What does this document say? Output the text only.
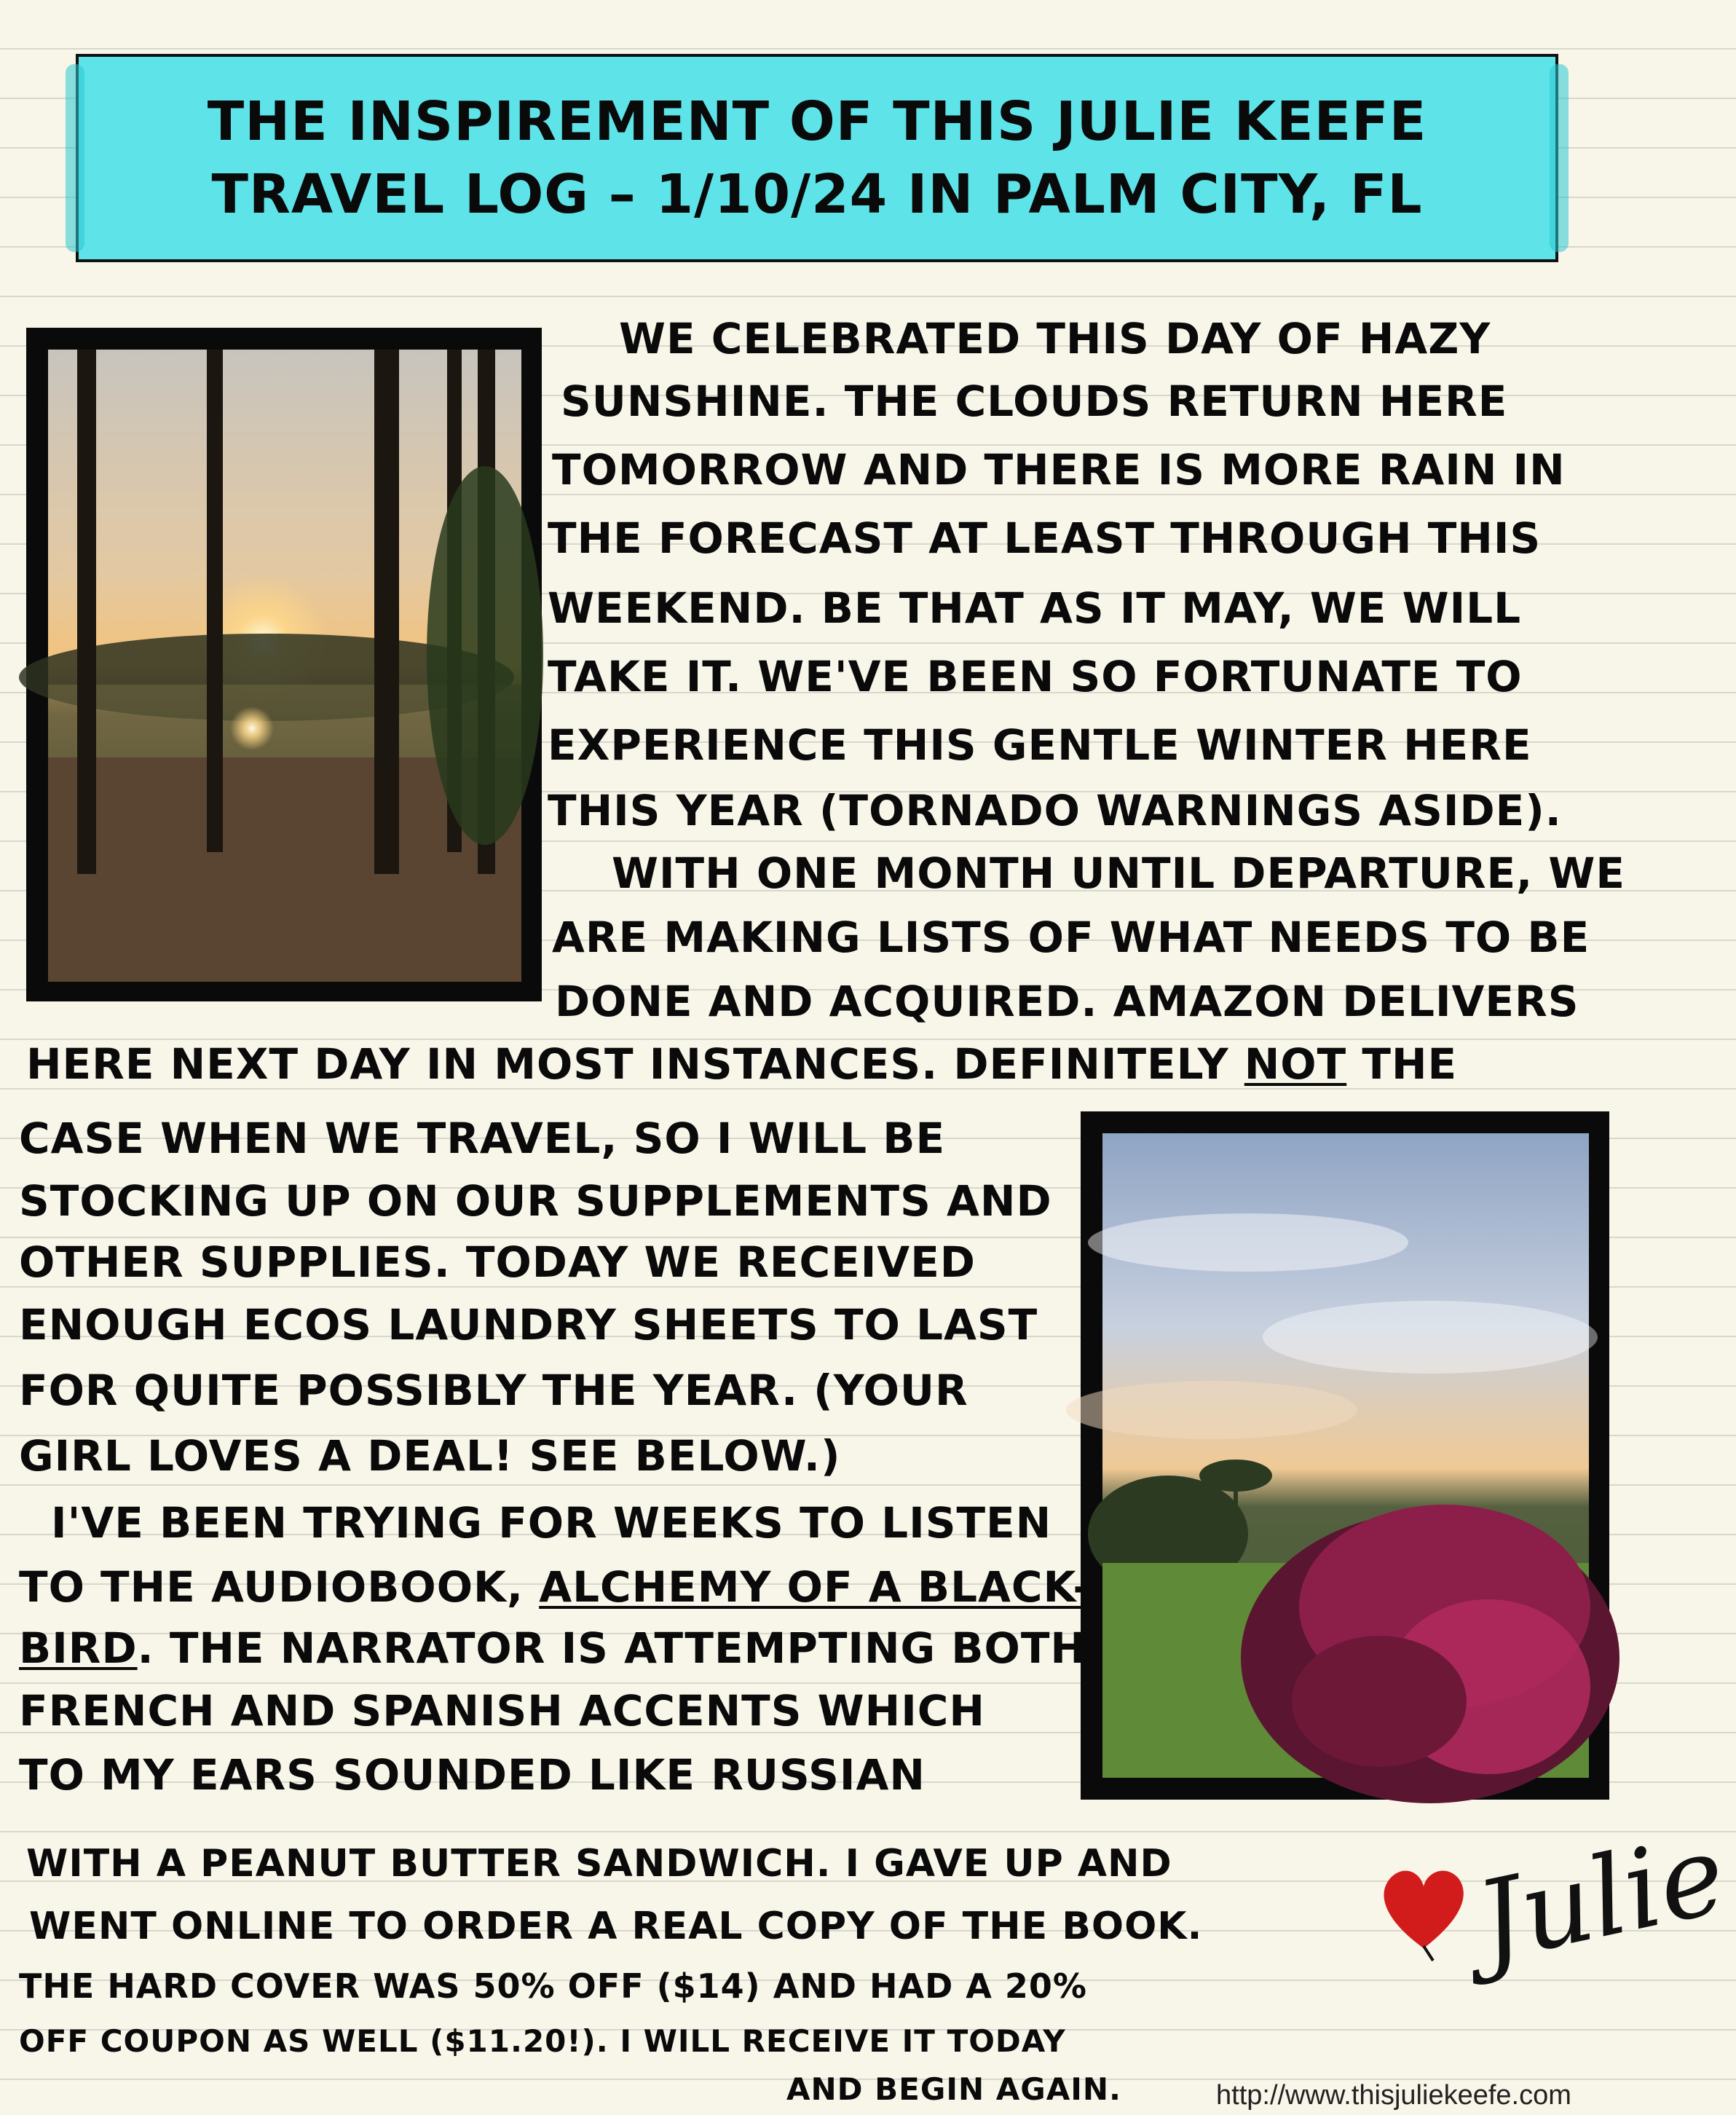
THE INSPIREMENT OF THIS JULIE KEEFE
TRAVEL LOG – 1/10/24 IN PALM CITY, FL
WE CELEBRATED THIS DAY OF HAZY
SUNSHINE. THE CLOUDS RETURN HERE
TOMORROW AND THERE IS MORE RAIN IN
THE FORECAST AT LEAST THROUGH THIS
WEEKEND. BE THAT AS IT MAY, WE WILL
TAKE IT. WE'VE BEEN SO FORTUNATE TO
EXPERIENCE THIS GENTLE WINTER HERE
THIS YEAR (TORNADO WARNINGS ASIDE).
WITH ONE MONTH UNTIL DEPARTURE, WE
ARE MAKING LISTS OF WHAT NEEDS TO BE
DONE AND ACQUIRED. AMAZON DELIVERS
HERE NEXT DAY IN MOST INSTANCES. DEFINITELY NOT THE
CASE WHEN WE TRAVEL, SO I WILL BE
STOCKING UP ON OUR SUPPLEMENTS AND
OTHER SUPPLIES. TODAY WE RECEIVED
ENOUGH ECOS LAUNDRY SHEETS TO LAST
FOR QUITE POSSIBLY THE YEAR. (YOUR
GIRL LOVES A DEAL! SEE BELOW.)
I'VE BEEN TRYING FOR WEEKS TO LISTEN
TO THE AUDIOBOOK, ALCHEMY OF A BLACK-
BIRD. THE NARRATOR IS ATTEMPTING BOTH
FRENCH AND SPANISH ACCENTS WHICH
TO MY EARS SOUNDED LIKE RUSSIAN
WITH A PEANUT BUTTER SANDWICH. I GAVE UP AND
WENT ONLINE TO ORDER A REAL COPY OF THE BOOK.
THE HARD COVER WAS 50% OFF ($14) AND HAD A 20%
OFF COUPON AS WELL ($11.20!). I WILL RECEIVE IT TODAY
AND BEGIN AGAIN.
Julie
http://www.thisjuliekeefe.com
